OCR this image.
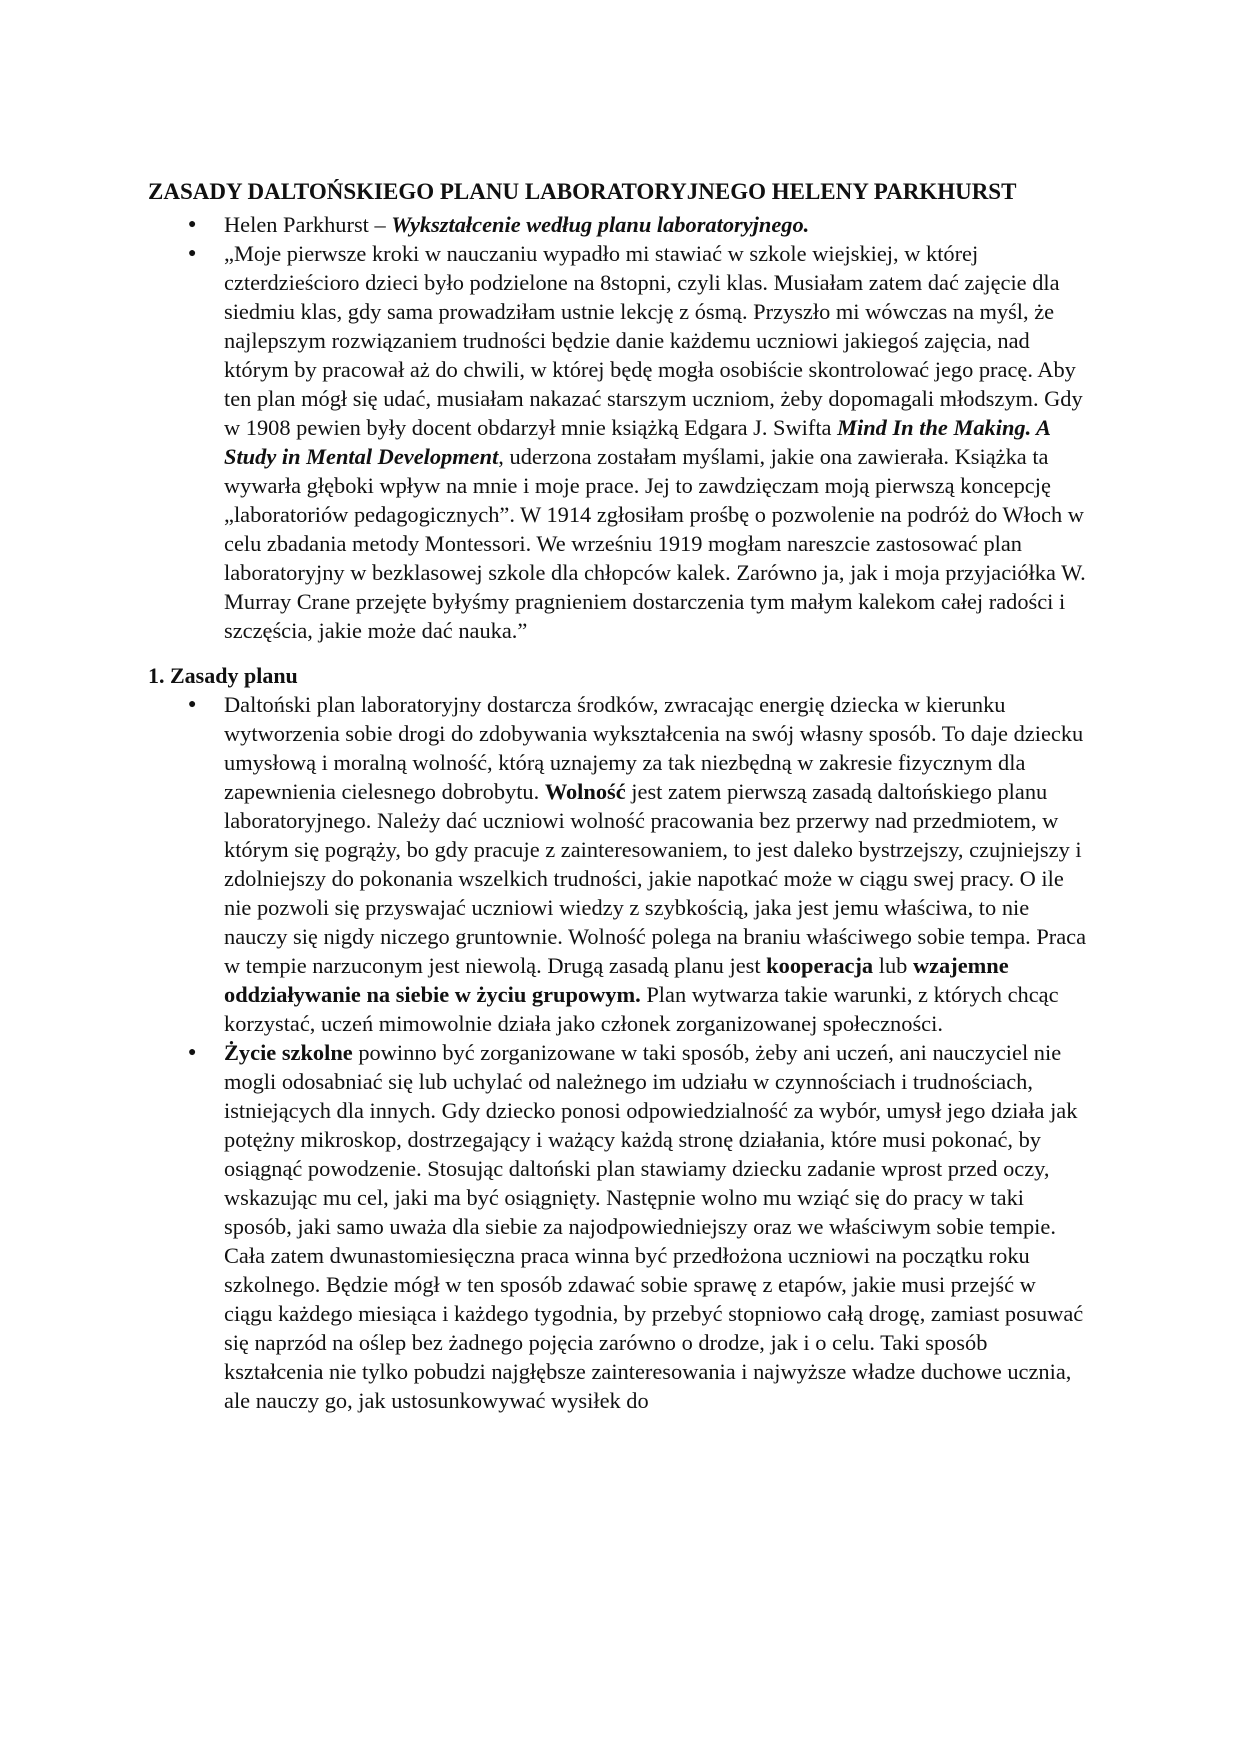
ZASADY DALTOŃSKIEGO PLANU LABORATORYJNEGO HELENY PARKHURST
● Helen Parkhurst – Wykształcenie według planu laboratoryjnego.
● „Moje pierwsze kroki w nauczaniu wypadło mi stawiać w szkole wiejskiej, w której czterdzieścioro dzieci było podzielone na 8stopni, czyli klas. Musiałam zatem dać zajęcie dla siedmiu klas, gdy sama prowadziłam ustnie lekcję z ósmą. Przyszło mi wówczas na myśl, że najlepszym rozwiązaniem trudności będzie danie każdemu uczniowi jakiegoś zajęcia, nad którym by pracował aż do chwili, w której będę mogła osobiście skontrolować jego pracę. Aby ten plan mógł się udać, musiałam nakazać starszym uczniom, żeby dopomagali młodszym. Gdy w 1908 pewien były docent obdarzył mnie książką Edgara J. Swifta Mind In the Making. A Study in Mental Development, uderzona zostałam myślami, jakie ona zawierała. Książka ta wywarła głęboki wpływ na mnie i moje prace. Jej to zawdzięczam moją pierwszą koncepcję „laboratoriów pedagogicznych”. W 1914 zgłosiłam prośbę o pozwolenie na podróż do Włoch w celu zbadania metody Montessori. We wrześniu 1919 mogłam nareszcie zastosować plan laboratoryjny w bezklasowej szkole dla chłopców kalek. Zarówno ja, jak i moja przyjaciółka W. Murray Crane przejęte byłyśmy pragnieniem dostarczenia tym małym kalekom całej radości i szczęścia, jakie może dać nauka.”
1. Zasady planu
● Daltoński plan laboratoryjny dostarcza środków, zwracając energię dziecka w kierunku wytworzenia sobie drogi do zdobywania wykształcenia na swój własny sposób. To daje dziecku umysłową i moralną wolność, którą uznajemy za tak niezbędną w zakresie fizycznym dla zapewnienia cielesnego dobrobytu. Wolność jest zatem pierwszą zasadą daltońskiego planu laboratoryjnego. Należy dać uczniowi wolność pracowania bez przerwy nad przedmiotem, w którym się pogrąży, bo gdy pracuje z zainteresowaniem, to jest daleko bystrzejszy, czujniejszy i zdolniejszy do pokonania wszelkich trudności, jakie napotkać może w ciągu swej pracy. O ile nie pozwoli się przyswajać uczniowi wiedzy z szybkością, jaka jest jemu właściwa, to nie nauczy się nigdy niczego gruntownie. Wolność polega na braniu właściwego sobie tempa. Praca w tempie narzuconym jest niewolą. Drugą zasadą planu jest kooperacja lub wzajemne oddziaływanie na siebie w życiu grupowym. Plan wytwarza takie warunki, z których chcąc korzystać, uczeń mimowolnie działa jako członek zorganizowanej społeczności.
● Życie szkolne powinno być zorganizowane w taki sposób, żeby ani uczeń, ani nauczyciel nie mogli odosabniać się lub uchylać od należnego im udziału w czynnościach i trudnościach, istniejących dla innych. Gdy dziecko ponosi odpowiedzialność za wybór, umysł jego działa jak potężny mikroskop, dostrzegający i ważący każdą stronę działania, które musi pokonać, by osiągnąć powodzenie. Stosując daltoński plan stawiamy dziecku zadanie wprost przed oczy, wskazując mu cel, jaki ma być osiągnięty. Następnie wolno mu wziąć się do pracy w taki sposób, jaki samo uważa dla siebie za najodpowiedniejszy oraz we właściwym sobie tempie. Cała zatem dwunastomiesięczna praca winna być przedłożona uczniowi na początku roku szkolnego. Będzie mógł w ten sposób zdawać sobie sprawę z etapów, jakie musi przejść w ciągu każdego miesiąca i każdego tygodnia, by przebyć stopniowo całą drogę, zamiast posuwać się naprzód na oślep bez żadnego pojęcia zarówno o drodze, jak i o celu. Taki sposób kształcenia nie tylko pobudzi najgłębsze zainteresowania i najwyższe władze duchowe ucznia, ale nauczy go, jak ustosunkowywać wysiłek do
